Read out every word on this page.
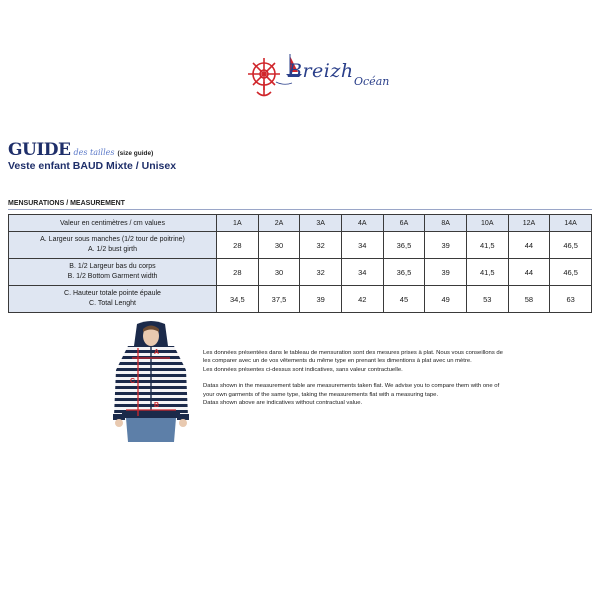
Breizh Océan
GUIDE des tailles (size guide)
Veste enfant BAUD Mixte / Unisex
MENSURATIONS / MEASUREMENT
Valeur en centimètres / cm values	1A	2A	3A	4A	6A	8A	10A	12A	14A

A. Largeur sous manches (1/2 tour de poitrine)
A. 1/2 bust girth	28	30	32	34	36,5	39	41,5	44	46,5

B. 1/2 Largeur bas du corps
B. 1/2 Bottom Garment width	28	30	32	34	36,5	39	41,5	44	46,5

C. Hauteur totale pointe épaule
C. Total Lenght	34,5	37,5	39	42	45	49	53	58	63
A
B
C

Les données présentées dans le tableau de mensuration sont des mesures prises à plat. Nous vous conseillons de les comparer avec un de vos vêtements du même type en prenant les dimentions à plat avec un mètre.

Les données présentes ci-dessus sont indicatives, sans valeur contractuelle.

Datas shown in the measurement table are measurements taken flat. We advise you to compare them with one of your own garments of the same type, taking the measurements flat with a measuring tape.

Datas shown above are indicatives without contractual value.
